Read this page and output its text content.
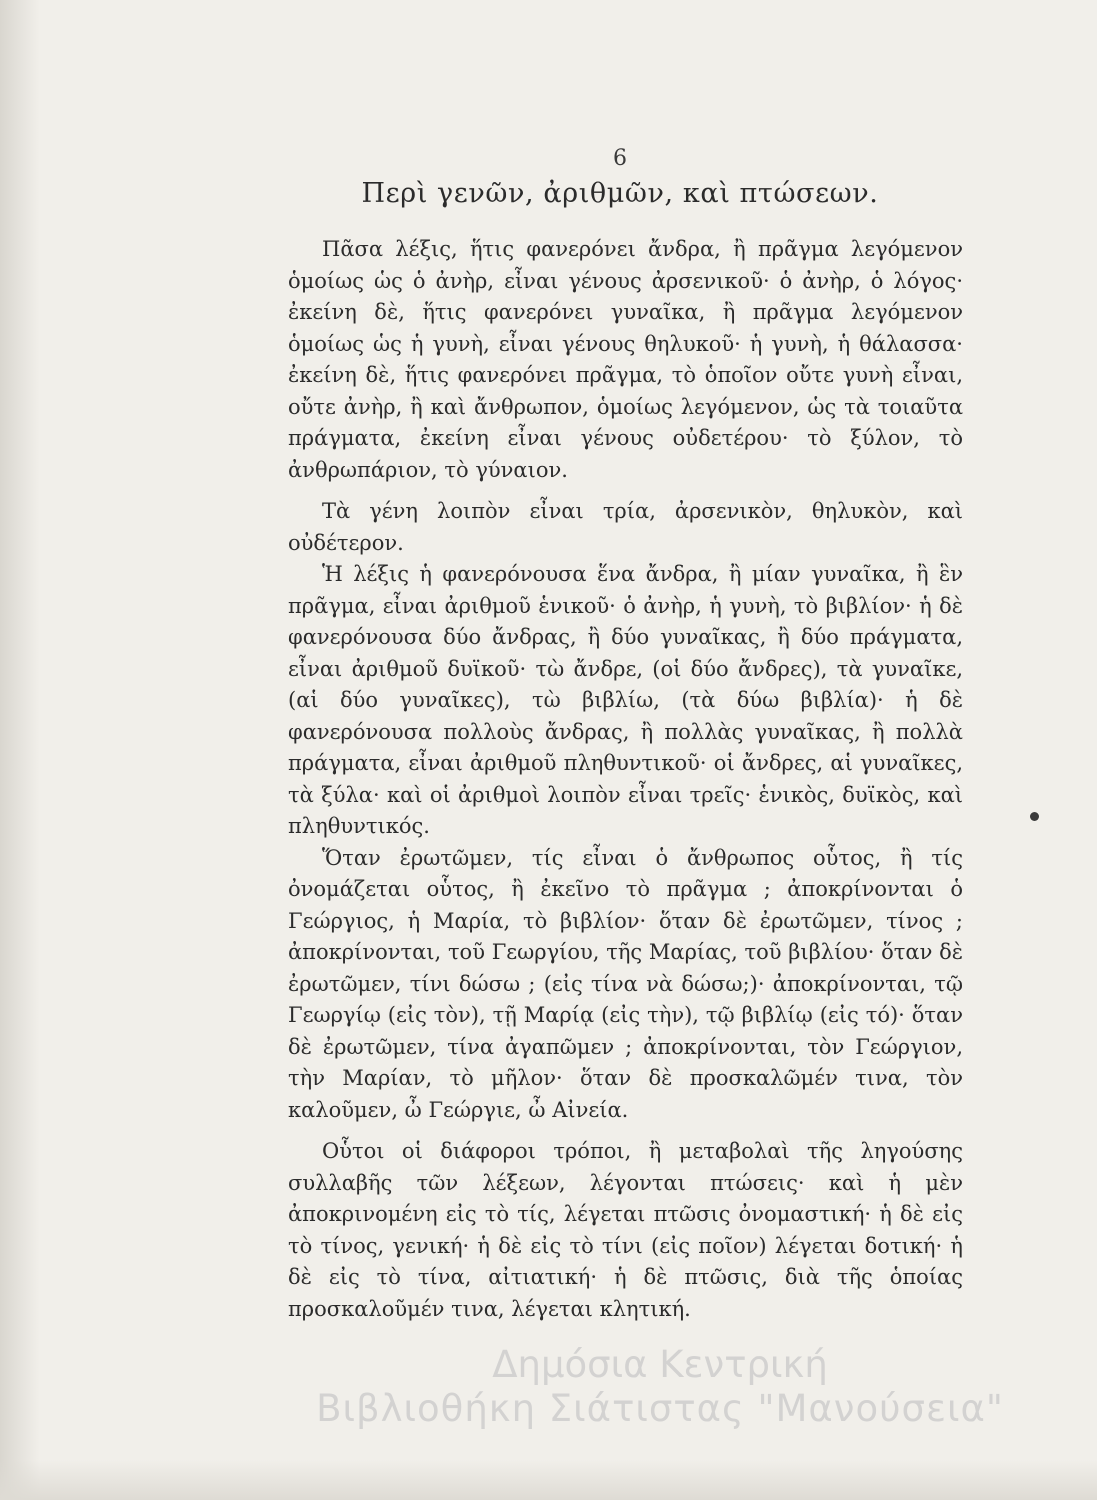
6
Περὶ γενῶν, ἀριθμῶν, καὶ πτώσεων.

Πᾶσα λέξις, ἥτις φανερόνει ἄνδρα, ἢ πρᾶγμα λεγόμενον ὁμοίως ὡς ὁ ἀνὴρ, εἶναι γένους ἀρσενικοῦ· ὁ ἀνὴρ, ὁ λόγος· ἐκείνη δὲ, ἥτις φανερόνει γυναῖκα, ἢ πρᾶγμα λεγόμενον ὁμοίως ὡς ἡ γυνὴ, εἶναι γένους θηλυκοῦ· ἡ γυνὴ, ἡ θάλασσα· ἐκείνη δὲ, ἥτις φανερόνει πρᾶγμα, τὸ ὁποῖον οὔτε γυνὴ εἶναι, οὔτε ἀνὴρ, ἢ καὶ ἄνθρωπον, ὁμοίως λεγόμενον, ὡς τὰ τοιαῦτα πράγματα, ἐκείνη εἶναι γένους οὐδετέρου· τὸ ξύλον, τὸ ἀνθρωπάριον, τὸ γύναιον.

Τὰ γένη λοιπὸν εἶναι τρία, ἀρσενικὸν, θηλυκὸν, καὶ οὐδέτερον.

Ἡ λέξις ἡ φανερόνουσα ἕνα ἄνδρα, ἢ μίαν γυναῖκα, ἢ ἓν πρᾶγμα, εἶναι ἀριθμοῦ ἑνικοῦ· ὁ ἀνὴρ, ἡ γυνὴ, τὸ βιβλίον· ἡ δὲ φανερόνουσα δύο ἄνδρας, ἢ δύο γυναῖκας, ἢ δύο πράγματα, εἶναι ἀριθμοῦ δυϊκοῦ· τὼ ἄνδρε, (οἱ δύο ἄνδρες), τὰ γυναῖκε, (αἱ δύο γυναῖκες), τὼ βιβλίω, (τὰ δύω βιβλία)· ἡ δὲ φανερόνουσα πολλοὺς ἄνδρας, ἢ πολλὰς γυναῖκας, ἢ πολλὰ πράγματα, εἶναι ἀριθμοῦ πληθυντικοῦ· οἱ ἄνδρες, αἱ γυναῖκες, τὰ ξύλα· καὶ οἱ ἀριθμοὶ λοιπὸν εἶναι τρεῖς· ἑνικὸς, δυϊκὸς, καὶ πληθυντικός.

Ὅταν ἐρωτῶμεν, τίς εἶναι ὁ ἄνθρωπος οὗτος, ἢ τίς ὀνομάζεται οὗτος, ἢ ἐκεῖνο τὸ πρᾶγμα ; ἀποκρίνονται ὁ Γεώργιος, ἡ Μαρία, τὸ βιβλίον· ὅταν δὲ ἐρωτῶμεν, τίνος ; ἀποκρίνονται, τοῦ Γεωργίου, τῆς Μαρίας, τοῦ βιβλίου· ὅταν δὲ ἐρωτῶμεν, τίνι δώσω ; (εἰς τίνα νὰ δώσω;)· ἀποκρίνονται, τῷ Γεωργίῳ (εἰς τὸν), τῇ Μαρίᾳ (εἰς τὴν), τῷ βιβλίῳ (εἰς τό)· ὅταν δὲ ἐρωτῶμεν, τίνα ἀγαπῶμεν ; ἀποκρίνονται, τὸν Γεώργιον, τὴν Μαρίαν, τὸ μῆλον· ὅταν δὲ προσκαλῶμέν τινα, τὸν καλοῦμεν, ὦ Γεώργιε, ὦ Αἰνεία.

Οὗτοι οἱ διάφοροι τρόποι, ἢ μεταβολαὶ τῆς ληγούσης συλλαβῆς τῶν λέξεων, λέγονται πτώσεις· καὶ ἡ μὲν ἀποκρινομένη εἰς τὸ τίς, λέγεται πτῶσις ὀνομαστική· ἡ δὲ εἰς τὸ τίνος, γενική· ἡ δὲ εἰς τὸ τίνι (εἰς ποῖον) λέγεται δοτική· ἡ δὲ εἰς τὸ τίνα, αἰτιατική· ἡ δὲ πτῶσις, διὰ τῆς ὁποίας προσκαλοῦμέν τινα, λέγεται κλητική.

Δημόσια Κεντρική
Βιβλιοθήκη Σιάτιστας "Μανούσεια"
